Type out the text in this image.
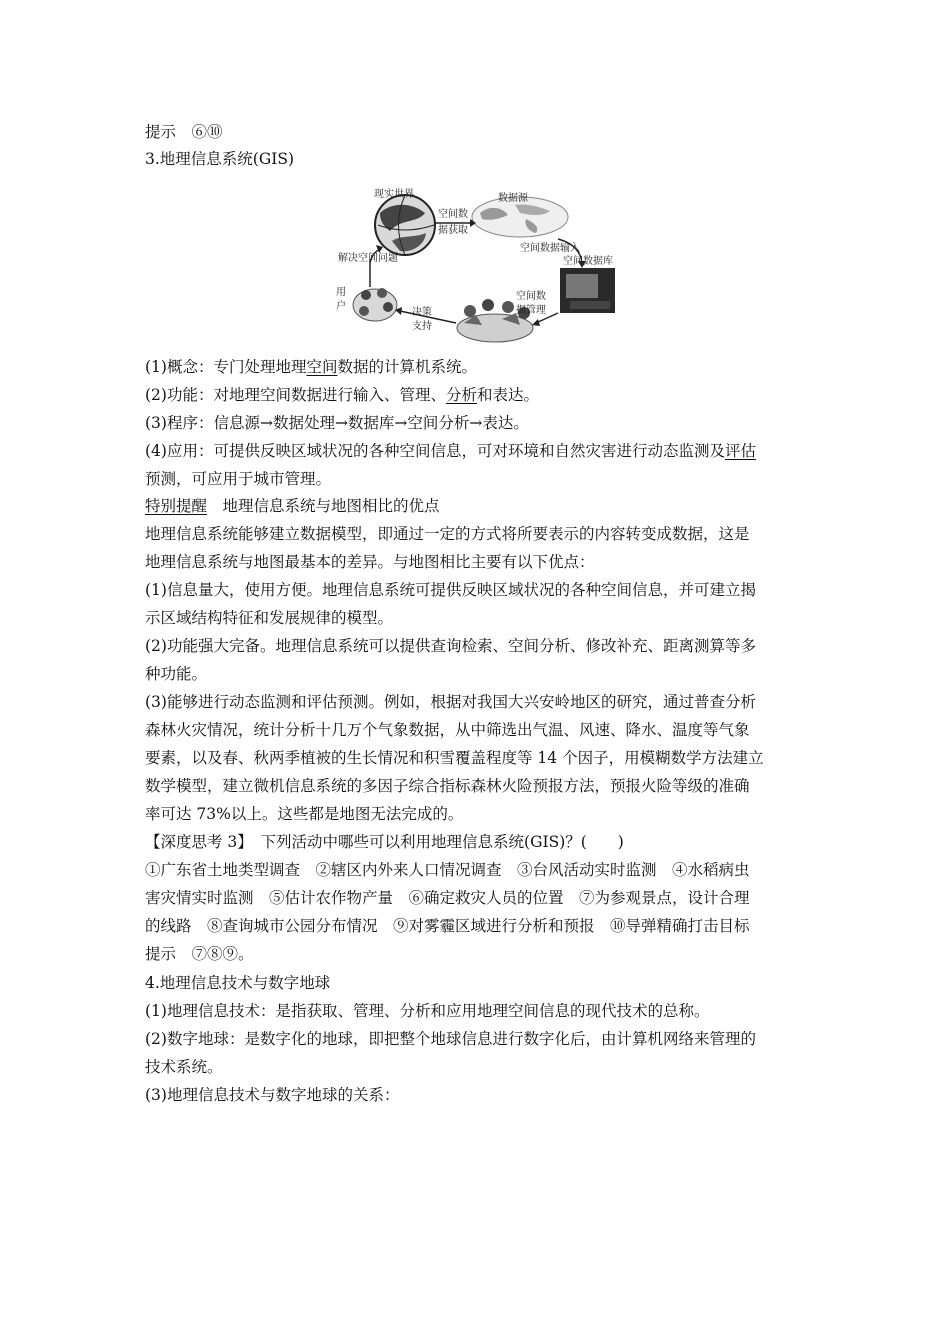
提示　⑥⑩
3.地理信息系统(GIS)
(1)概念：专门处理地理空间数据的计算机系统。
(2)功能：对地理空间数据进行输入、管理、分析和表达。
(3)程序：信息源→数据处理→数据库→空间分析→表达。
(4)应用：可提供反映区域状况的各种空间信息，可对环境和自然灾害进行动态监测及评估
预测，可应用于城市管理。
特别提醒　地理信息系统与地图相比的优点
地理信息系统能够建立数据模型，即通过一定的方式将所要表示的内容转变成数据，这是
地理信息系统与地图最基本的差异。与地图相比主要有以下优点：
(1)信息量大，使用方便。地理信息系统可提供反映区域状况的各种空间信息，并可建立揭
示区域结构特征和发展规律的模型。
(2)功能强大完备。地理信息系统可以提供查询检索、空间分析、修改补充、距离测算等多
种功能。
(3)能够进行动态监测和评估预测。例如，根据对我国大兴安岭地区的研究，通过普查分析
森林火灾情况，统计分析十几万个气象数据，从中筛选出气温、风速、降水、温度等气象
要素，以及春、秋两季植被的生长情况和积雪覆盖程度等 14 个因子，用模糊数学方法建立
数学模型，建立微机信息系统的多因子综合指标森林火险预报方法，预报火险等级的准确
率可达 73%以上。这些都是地图无法完成的。
【深度思考 3】　下列活动中哪些可以利用地理信息系统(GIS)？(　　)
①广东省土地类型调查　②辖区内外来人口情况调查　③台风活动实时监测　④水稻病虫
害灾情实时监测　⑤估计农作物产量　⑥确定救灾人员的位置　⑦为参观景点，设计合理
的线路　⑧查询城市公园分布情况　⑨对雾霾区域进行分析和预报　⑩导弹精确打击目标
提示　⑦⑧⑨。
4.地理信息技术与数字地球
(1)地理信息技术：是指获取、管理、分析和应用地理空间信息的现代技术的总称。
(2)数字地球：是数字化的地球，即把整个地球信息进行数字化后，由计算机网络来管理的
技术系统。
(3)地理信息技术与数字地球的关系：
现实世界	数据源
空间数
据获取
空间数据输入
空间数据库
解决空间问题
用
户
决策
支持
空间数
据管理
